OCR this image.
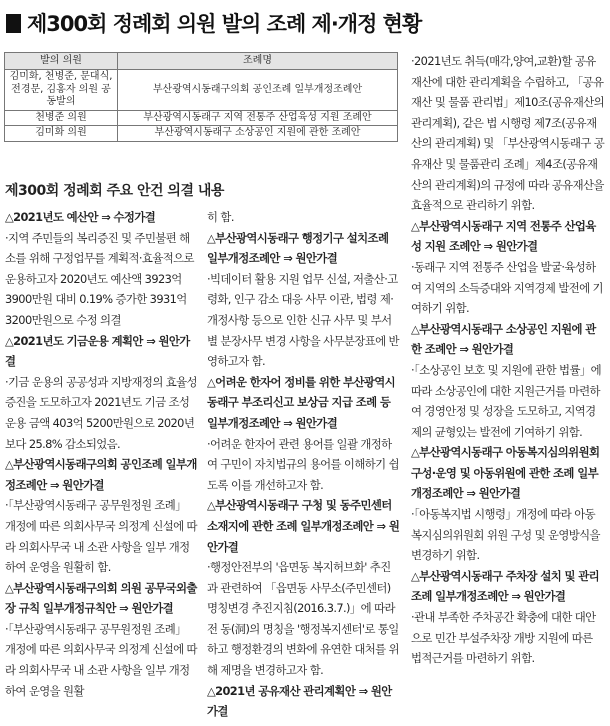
제300회 정례회 의원 발의 조례 제·개정 현황
발의 의원	조례명
김미화, 천병준, 문대식, 전경문, 김홍자 의원 공동발의	부산광역시동래구의회 공인조례 일부개정조례안
천병준 의원	부산광역시동래구 지역 전통주 산업육성 지원 조례안
김미화 의원	부산광역시동래구 소상공인 지원에 관한 조례안
제300회 정례회 주요 안건 의결 내용

△2021년도 예산안 ⇒ 수정가결

·지역 주민들의 복리증진 및 주민불편 해소를 위해 구정업무를 계획적·효율적으로 운용하고자 2020년도 예산액 3923억 3900만원 대비 0.19% 증가한 3931억 3200만원으로 수정 의결

△2021년도 기금운용 계획안 ⇒ 원안가결

·기금 운용의 공공성과 지방재정의 효율성 증진을 도모하고자 2021년도 기금 조성 운용 금액 403억 5200만원으로 2020년보다 25.8% 감소되었음.

△부산광역시동래구의회 공인조례 일부개정조례안 ⇒ 원안가결

·「부산광역시동래구 공무원정원 조례」 개정에 따른 의회사무국 의정계 신설에 따라 의회사무국 내 소관 사항을 일부 개정하여 운영을 원활히 함.

△부산광역시동래구의회 의원 공무국외출장 규칙 일부개정규칙안 ⇒ 원안가결

·「부산광역시동래구 공무원정원 조례」 개정에 따른 의회사무국 의정계 신설에 따라 의회사무국 내 소관 사항을 일부 개정하여 운영을 원활

히 함.

△부산광역시동래구 행정기구 설치조례 일부개정조례안 ⇒ 원안가결

·빅데이터 활용 지원 업무 신설, 저출산·고령화, 인구 감소 대응 사무 이관, 법령 제·개정사항 등으로 인한 신규 사무 및 부서별 분장사무 변경 사항을 사무분장표에 반영하고자 함.

△어려운 한자어 정비를 위한 부산광역시동래구 부조리신고 보상금 지급 조례 등 일부개정조례안 ⇒ 원안가결

·어려운 한자어 관련 용어를 일괄 개정하여 구민이 자치법규의 용어를 이해하기 쉽도록 이를 개선하고자 함.

△부산광역시동래구 구청 및 동주민센터 소재지에 관한 조례 일부개정조례안 ⇒ 원안가결

·행정안전부의 '읍면동 복지허브화' 추진과 관련하여 「읍면동 사무소(주민센터) 명칭변경 추진지침(2016.3.7.)」에 따라 전 동(洞)의 명칭을 '행정복지센터'로 통일하고 행정환경의 변화에 유연한 대처를 위해 제명을 변경하고자 함.

△2021년 공유재산 관리계획안 ⇒ 원안가결

·2021년도 취득(매각,양여,교환)할 공유재산에 대한 관리계획을 수립하고, 「공유재산 및 물품 관리법」제10조(공유재산의 관리계획), 같은 법 시행령 제7조(공유재산의 관리계획) 및 「부산광역시동래구 공유재산 및 물품관리 조례」제4조(공유재산의 관리계획)의 규정에 따라 공유재산을 효율적으로 관리하기 위함.

△부산광역시동래구 지역 전통주 산업육성 지원 조례안 ⇒ 원안가결

·동래구 지역 전통주 산업을 발굴·육성하여 지역의 소득증대와 지역경제 발전에 기여하기 위함.

△부산광역시동래구 소상공인 지원에 관한 조례안 ⇒ 원안가결

·「소상공인 보호 및 지원에 관한 법률」에 따라 소상공인에 대한 지원근거를 마련하여 경영안정 및 성장을 도모하고, 지역경제의 균형있는 발전에 기여하기 위함.

△부산광역시동래구 아동복지심의위원회 구성·운영 및 아동위원에 관한 조례 일부개정조례안 ⇒ 원안가결

·「아동복지법 시행령」개정에 따라 아동복지심의위원회 위원 구성 및 운영방식을 변경하기 위함.

△부산광역시동래구 주차장 설치 및 관리 조례 일부개정조례안 ⇒ 원안가결

·관내 부족한 주차공간 확충에 대한 대안으로 민간 부설주차장 개방 지원에 따른 법적근거를 마련하기 위함.
